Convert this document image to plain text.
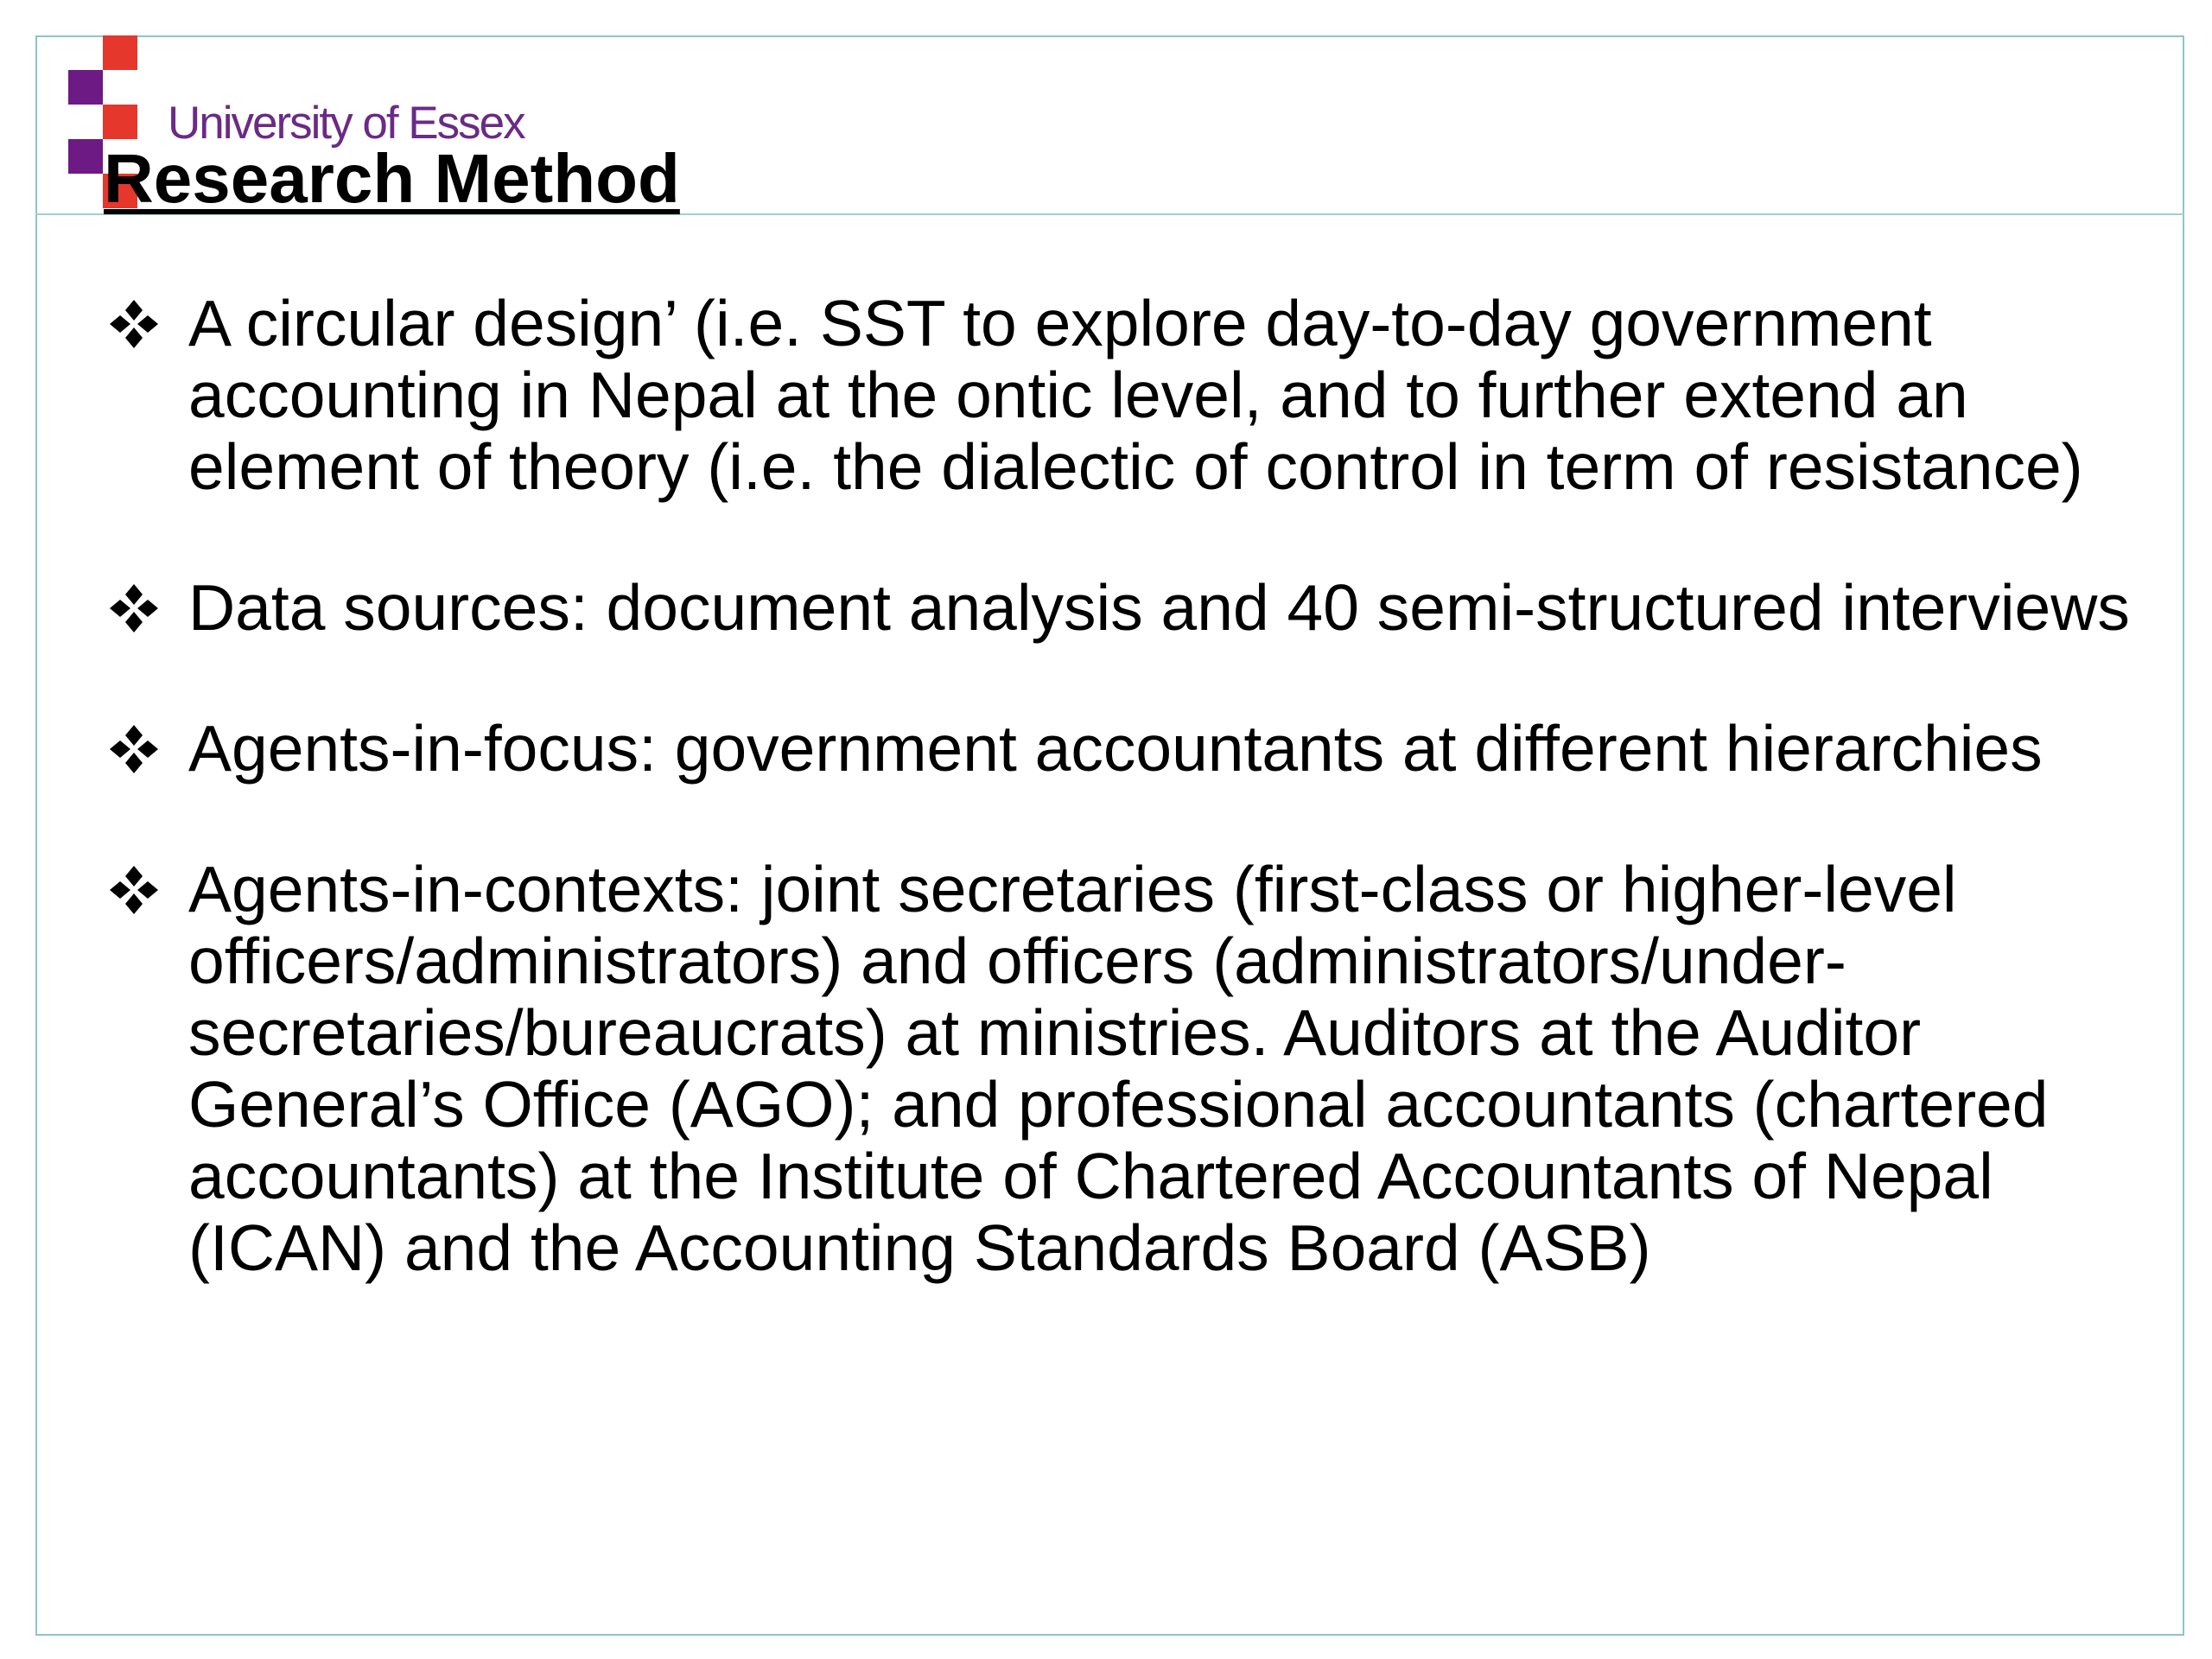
University of Essex
Research Method
A circular design’ (i.e. SST to explore day-to-day government accounting in Nepal at the ontic level, and to further extend an element of theory (i.e. the dialectic of control in term of resistance)
Data sources: document analysis and 40 semi-structured interviews
Agents-in-focus: government accountants at different hierarchies
Agents-in-contexts: joint secretaries (first-class or higher-level officers/administrators) and officers (administrators/under-secretaries/bureaucrats) at ministries. Auditors at the Auditor General’s Office (AGO); and professional accountants (chartered accountants) at the Institute of Chartered Accountants of Nepal (ICAN) and the Accounting Standards Board (ASB)
